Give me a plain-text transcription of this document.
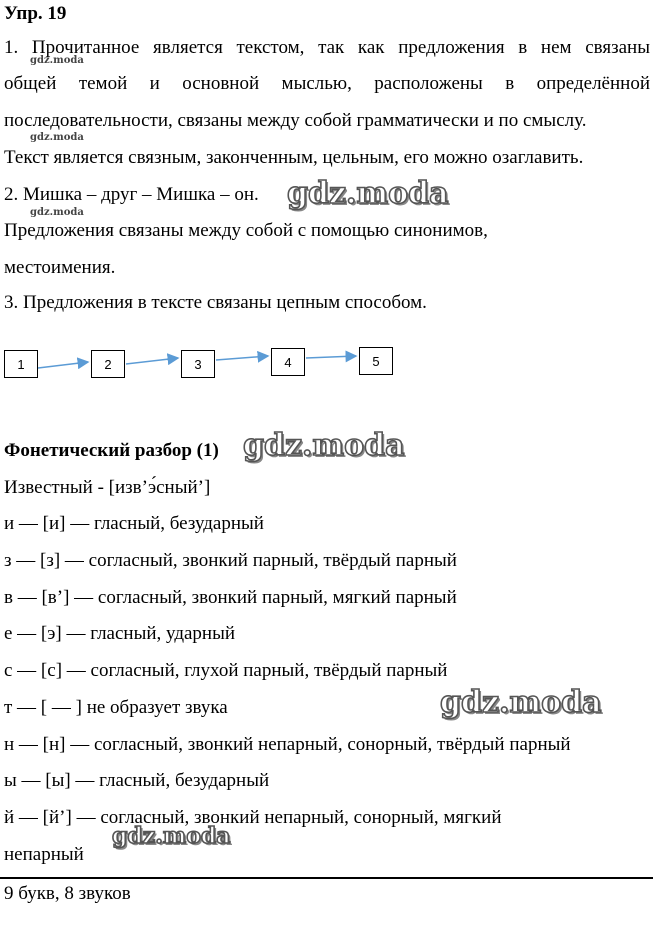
Упр. 19
1. Прочитанное является текстом, так как предложения в нем связаны
gdz.moda
общей темой и основной мыслью, расположены в определённой
последовательности, связаны между собой грамматически и по смыслу.
gdz.moda
Текст является связным, законченным, цельным, его можно озаглавить.
2. Мишка – друг – Мишка – он. gdz.moda
gdz.moda
Предложения связаны между собой с помощью синонимов,
местоимения.
3. Предложения в тексте связаны цепным способом.
1	2	3	4	5
Фонетический разбор (1) gdz.moda
Известный - [изв’э́сный’]
и — [и] — гласный, безударный
з — [з] — согласный, звонкий парный, твёрдый парный
в — [в’] — согласный, звонкий парный, мягкий парный
е — [э] — гласный, ударный
с — [с] — согласный, глухой парный, твёрдый парный
т — [ — ] не образует звука	gdz.moda
н — [н] — согласный, звонкий непарный, сонорный, твёрдый парный
ы — [ы] — гласный, безударный
й — [й’] — согласный, звонкий непарный, сонорный, мягкий
непарный
gdz.moda
9 букв, 8 звуков
